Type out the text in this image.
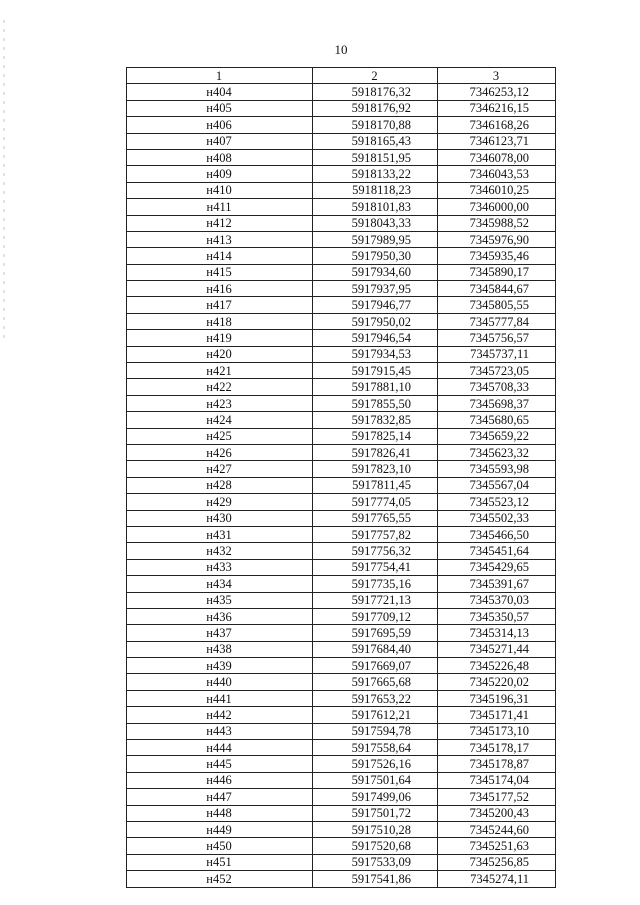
10
1	2	3
н404	5918176,32	7346253,12
н405	5918176,92	7346216,15
н406	5918170,88	7346168,26
н407	5918165,43	7346123,71
н408	5918151,95	7346078,00
н409	5918133,22	7346043,53
н410	5918118,23	7346010,25
н411	5918101,83	7346000,00
н412	5918043,33	7345988,52
н413	5917989,95	7345976,90
н414	5917950,30	7345935,46
н415	5917934,60	7345890,17
н416	5917937,95	7345844,67
н417	5917946,77	7345805,55
н418	5917950,02	7345777,84
н419	5917946,54	7345756,57
н420	5917934,53	7345737,11
н421	5917915,45	7345723,05
н422	5917881,10	7345708,33
н423	5917855,50	7345698,37
н424	5917832,85	7345680,65
н425	5917825,14	7345659,22
н426	5917826,41	7345623,32
н427	5917823,10	7345593,98
н428	5917811,45	7345567,04
н429	5917774,05	7345523,12
н430	5917765,55	7345502,33
н431	5917757,82	7345466,50
н432	5917756,32	7345451,64
н433	5917754,41	7345429,65
н434	5917735,16	7345391,67
н435	5917721,13	7345370,03
н436	5917709,12	7345350,57
н437	5917695,59	7345314,13
н438	5917684,40	7345271,44
н439	5917669,07	7345226,48
н440	5917665,68	7345220,02
н441	5917653,22	7345196,31
н442	5917612,21	7345171,41
н443	5917594,78	7345173,10
н444	5917558,64	7345178,17
н445	5917526,16	7345178,87
н446	5917501,64	7345174,04
н447	5917499,06	7345177,52
н448	5917501,72	7345200,43
н449	5917510,28	7345244,60
н450	5917520,68	7345251,63
н451	5917533,09	7345256,85
н452	5917541,86	7345274,11
